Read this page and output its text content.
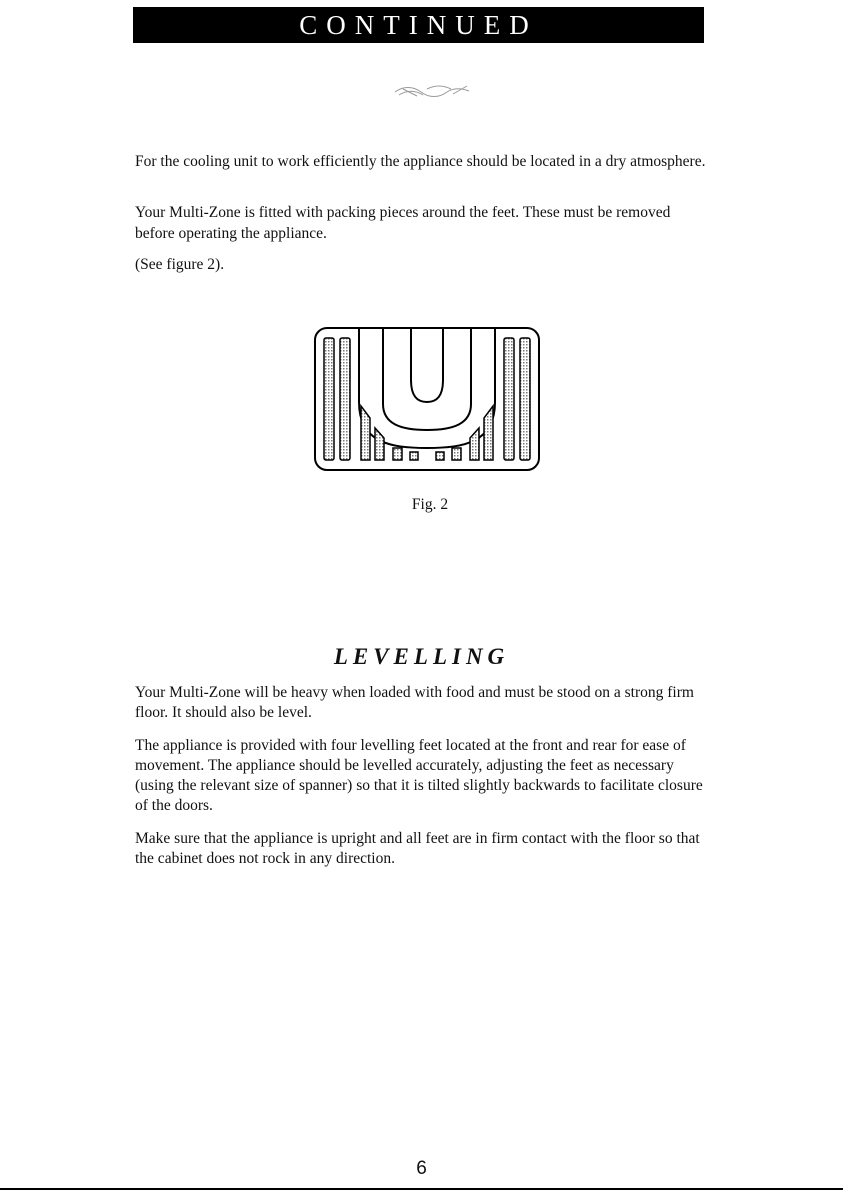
CONTINUED

For the cooling unit to work efficiently the appliance should be located in a dry atmosphere.

Your Multi-Zone is fitted with packing pieces around the feet. These must be removed before operating the appliance.

(See figure 2).

Fig. 2
LEVELLING

Your Multi-Zone will be heavy when loaded with food and must be stood on a strong firm floor. It should also be level.

The appliance is provided with four levelling feet located at the front and rear for ease of movement. The appliance should be levelled accurately, adjusting the feet as necessary (using the relevant size of spanner) so that it is tilted slightly backwards to facilitate closure of the doors.

Make sure that the appliance is upright and all feet are in firm contact with the floor so that the cabinet does not rock in any direction.

6
